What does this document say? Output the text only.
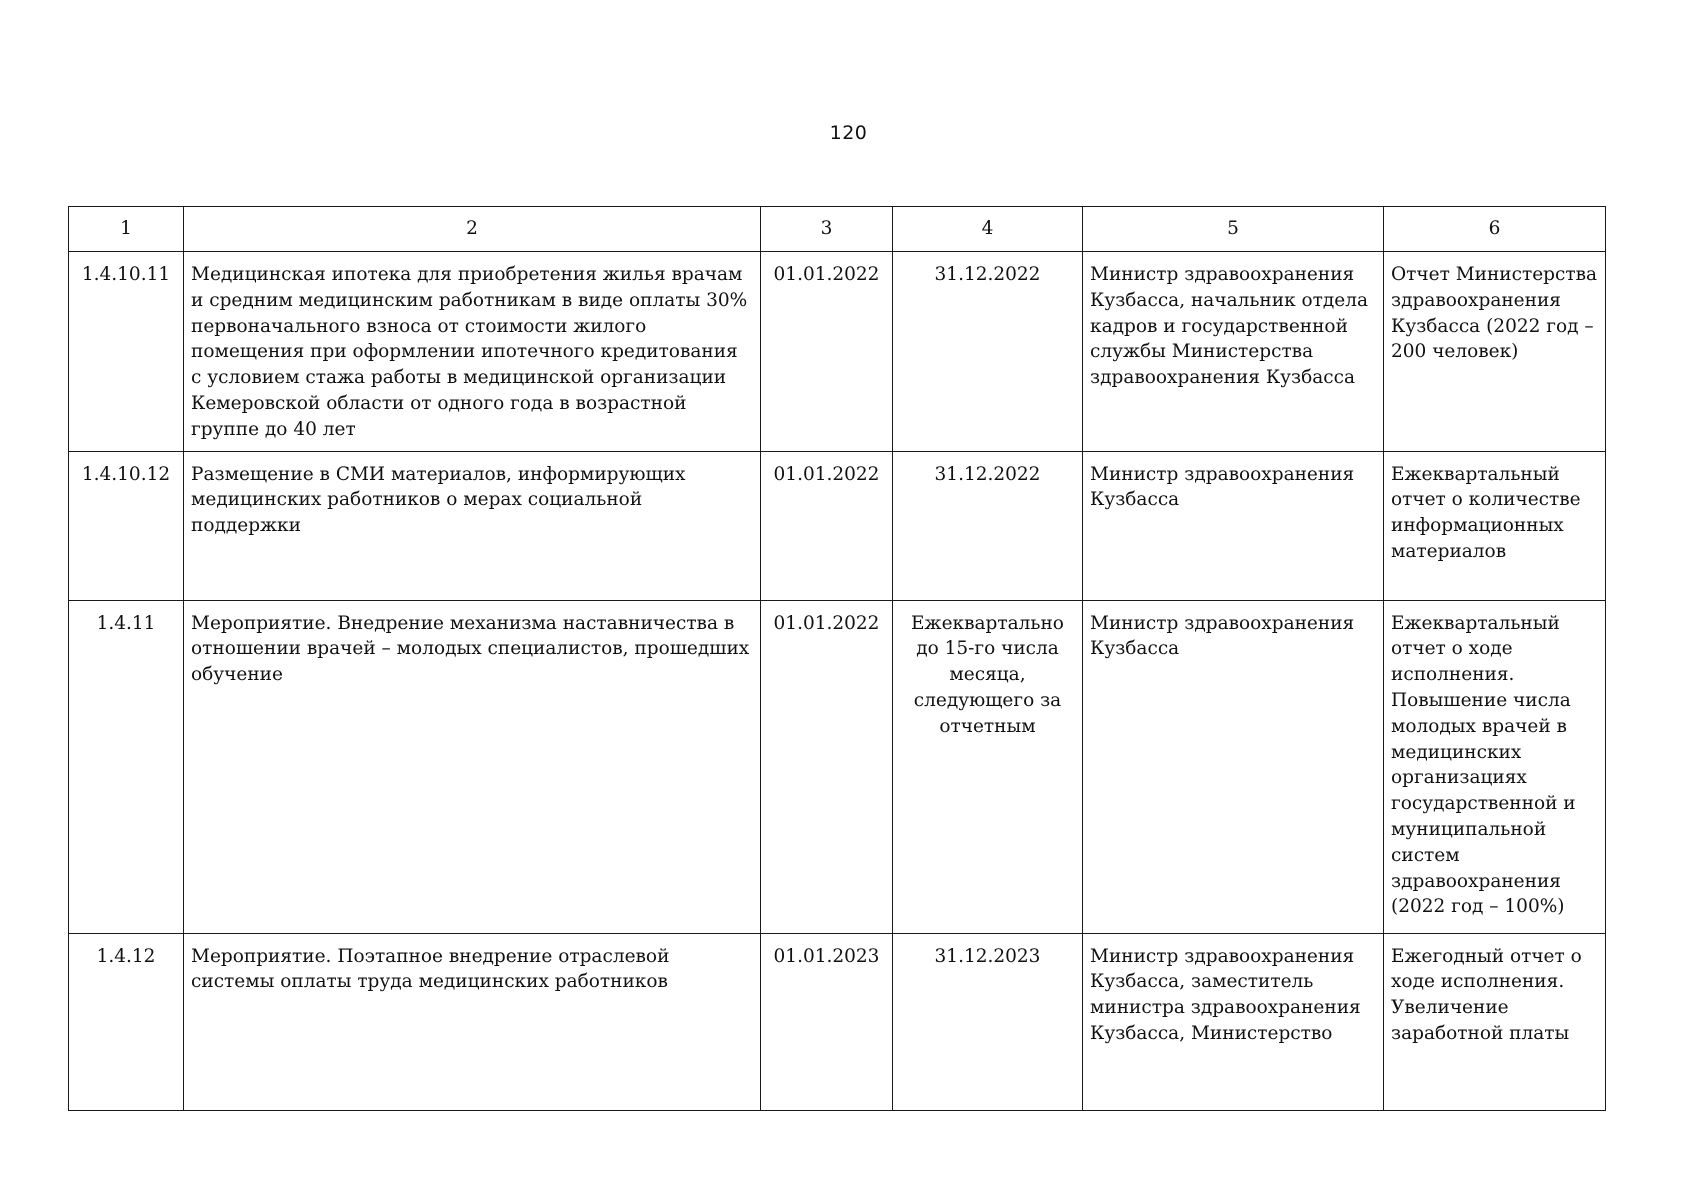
120
1	2	3	4	5	6
1.4.10.11	Медицинская ипотека для приобретения жилья врачам и средним медицинским работникам в виде оплаты 30% первоначального взноса от стоимости жилого помещения при оформлении ипотечного кредитования с условием стажа работы в медицинской организации Кемеровской области от одного года в возрастной группе до 40 лет	01.01.2022	31.12.2022	Министр здравоохранения Кузбасса, начальник отдела кадров и государственной службы Министерства здравоохранения Кузбасса	Отчет Министерства здравоохранения Кузбасса (2022 год – 200 человек)
1.4.10.12	Размещение в СМИ материалов, информирующих медицинских работников о мерах социальной поддержки	01.01.2022	31.12.2022	Министр здравоохранения Кузбасса	Ежеквартальный отчет о количестве информационных материалов
1.4.11	Мероприятие. Внедрение механизма наставничества в отношении врачей – молодых специалистов, прошедших обучение	01.01.2022	Ежеквартально до 15-го числа месяца, следующего за отчетным	Министр здравоохранения Кузбасса	Ежеквартальный отчет о ходе исполнения. Повышение числа молодых врачей в медицинских организациях государственной и муниципальной систем здравоохранения (2022 год – 100%)
1.4.12	Мероприятие. Поэтапное внедрение отраслевой системы оплаты труда медицинских работников	01.01.2023	31.12.2023	Министр здравоохранения Кузбасса, заместитель министра здравоохранения Кузбасса, Министерство	Ежегодный отчет о ходе исполнения. Увеличение заработной платы
